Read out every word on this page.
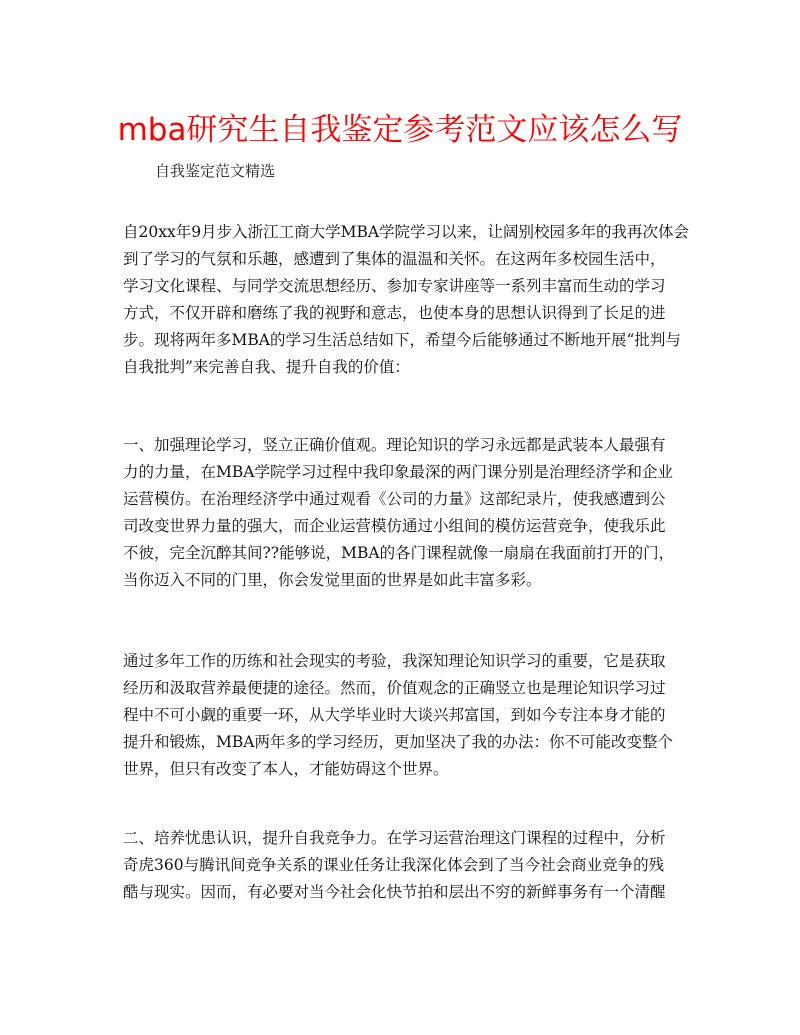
mba研究生自我鉴定参考范文应该怎么写

自我鉴定范文精选

自20xx年9月步入浙江工商大学MBA学院学习以来，让阔别校园多年的我再次体会
到了学习的气氛和乐趣，感遭到了集体的温温和关怀。在这两年多校园生活中，
学习文化课程、与同学交流思想经历、参加专家讲座等一系列丰富而生动的学习
方式，不仅开辟和磨练了我的视野和意志，也使本身的思想认识得到了长足的进
步。现将两年多MBA的学习生活总结如下，希望今后能够通过不断地开展“批判与
自我批判”来完善自我、提升自我的价值：
一、加强理论学习，竖立正确价值观。理论知识的学习永远都是武装本人最强有
力的力量，在MBA学院学习过程中我印象最深的两门课分别是治理经济学和企业
运营模仿。在治理经济学中通过观看《公司的力量》这部纪录片，使我感遭到公
司改变世界力量的强大，而企业运营模仿通过小组间的模仿运营竞争，使我乐此
不彼，完全沉醉其间??能够说，MBA的各门课程就像一扇扇在我面前打开的门，
当你迈入不同的门里，你会发觉里面的世界是如此丰富多彩。
通过多年工作的历练和社会现实的考验，我深知理论知识学习的重要，它是获取
经历和汲取营养最便捷的途径。然而，价值观念的正确竖立也是理论知识学习过
程中不可小觑的重要一环，从大学毕业时大谈兴邦富国，到如今专注本身才能的
提升和锻炼，MBA两年多的学习经历，更加坚决了我的办法：你不可能改变整个
世界，但只有改变了本人，才能妨碍这个世界。
二、培养忧患认识，提升自我竞争力。在学习运营治理这门课程的过程中，分析
奇虎360与腾讯间竞争关系的课业任务让我深化体会到了当今社会商业竞争的残
酷与现实。因而，有必要对当今社会化快节拍和层出不穷的新鲜事务有一个清醒
